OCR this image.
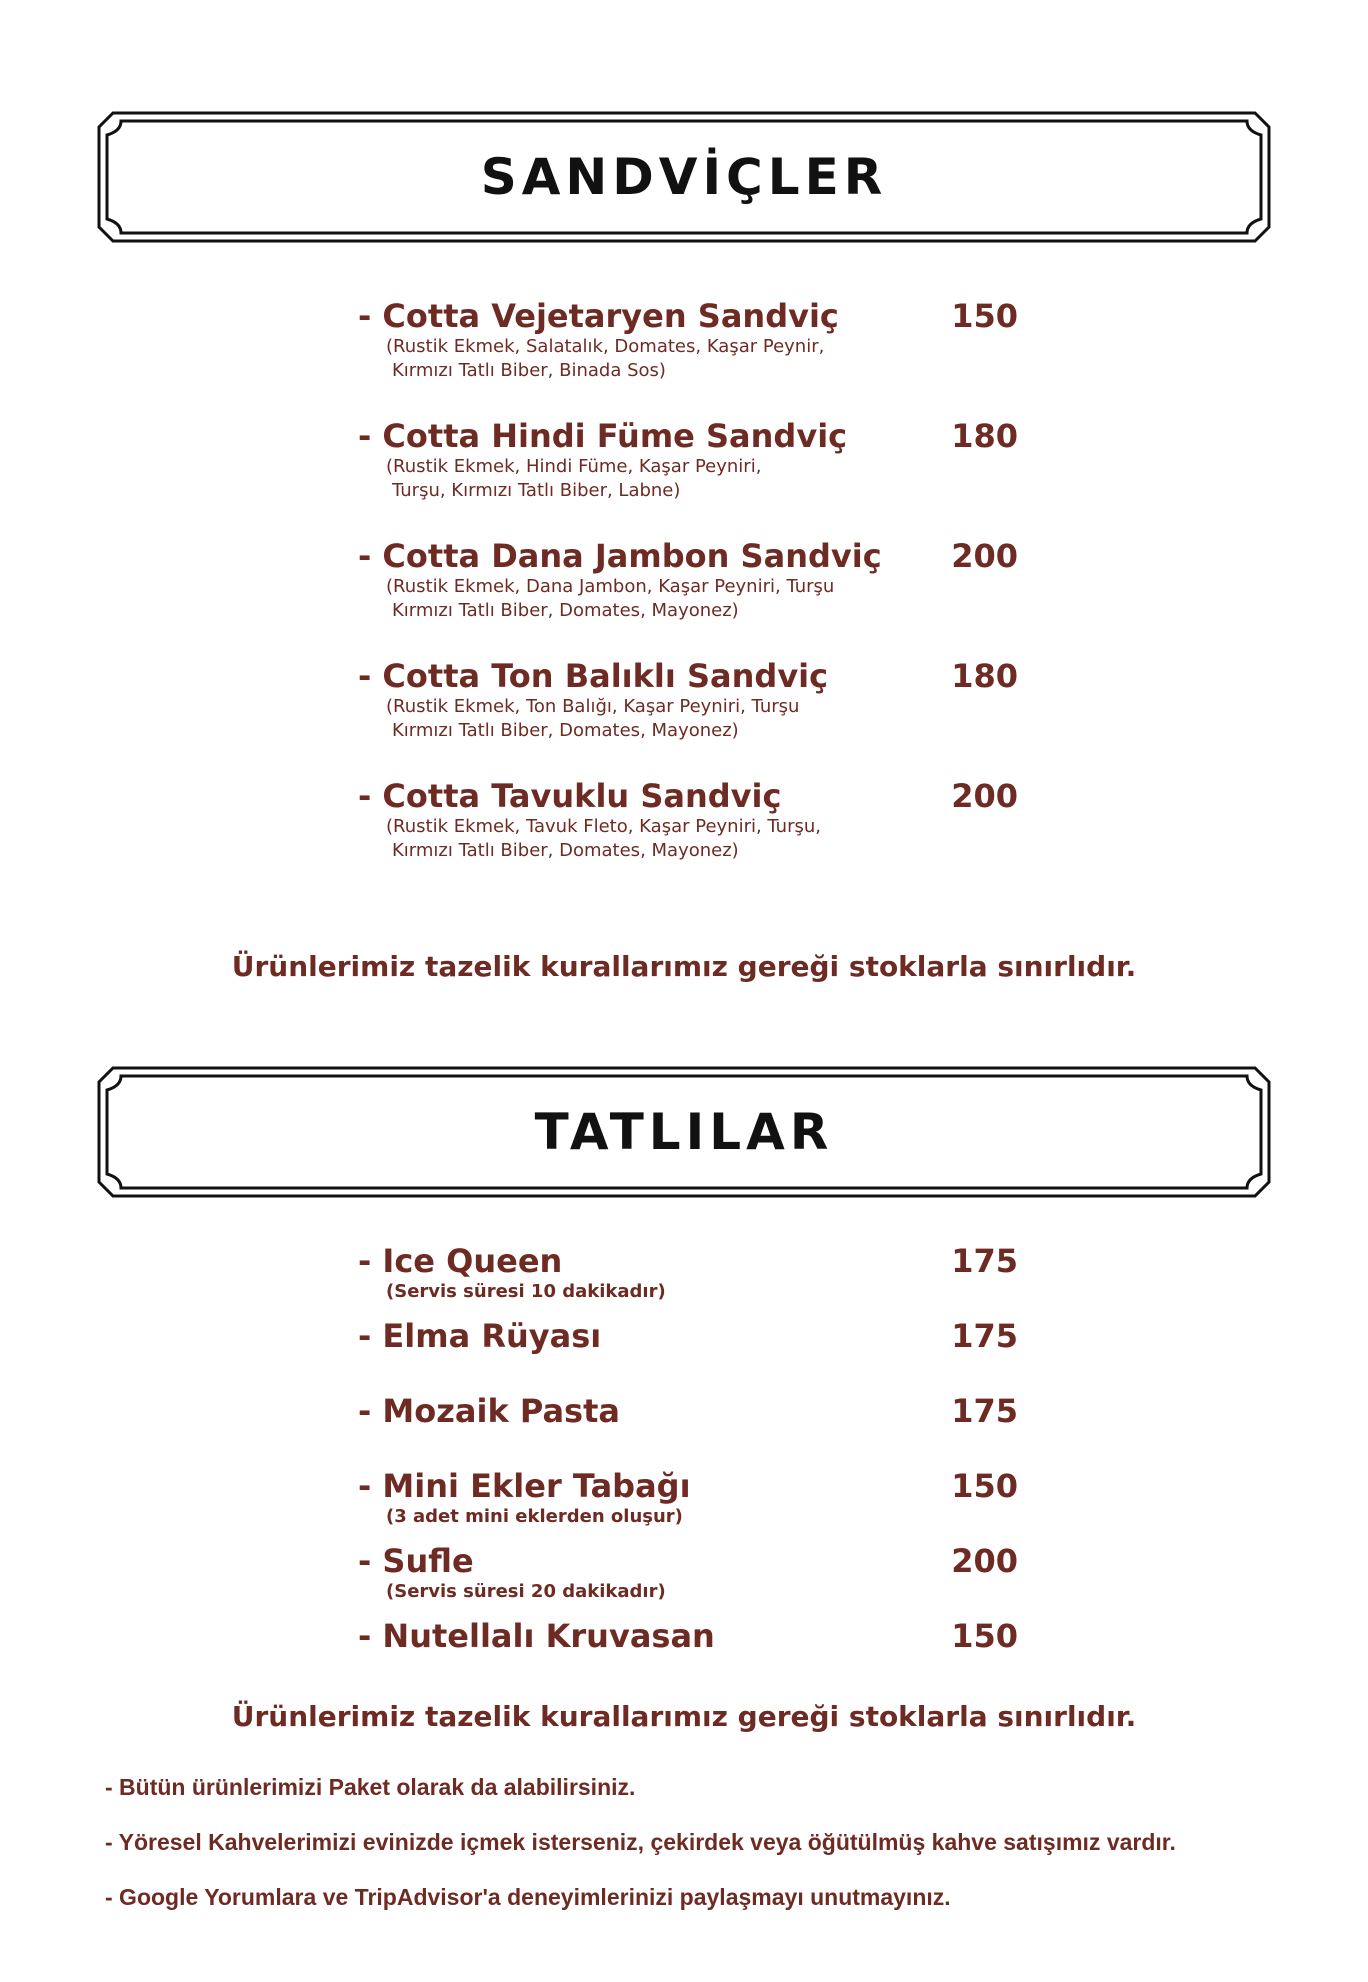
SANDVİÇLER
- Cotta Vejetaryen Sandviç	150
(Rustik Ekmek, Salatalık, Domates, Kaşar Peynir,
Kırmızı Tatlı Biber, Binada Sos)
- Cotta Hindi Füme Sandviç	180
(Rustik Ekmek, Hindi Füme, Kaşar Peyniri,
Turşu, Kırmızı Tatlı Biber, Labne)
- Cotta Dana Jambon Sandviç	200
(Rustik Ekmek, Dana Jambon, Kaşar Peyniri, Turşu
Kırmızı Tatlı Biber, Domates, Mayonez)
- Cotta Ton Balıklı Sandviç	180
(Rustik Ekmek, Ton Balığı, Kaşar Peyniri, Turşu
Kırmızı Tatlı Biber, Domates, Mayonez)
- Cotta Tavuklu Sandviç	200
(Rustik Ekmek, Tavuk Fleto, Kaşar Peyniri, Turşu,
Kırmızı Tatlı Biber, Domates, Mayonez)
Ürünlerimiz tazelik kurallarımız gereği stoklarla sınırlıdır.
TATLILAR
- Ice Queen	175
(Servis süresi 10 dakikadır)
- Elma Rüyası	175
- Mozaik Pasta	175
- Mini Ekler Tabağı	150
(3 adet mini eklerden oluşur)
- Sufle	200
(Servis süresi 20 dakikadır)
- Nutellalı Kruvasan	150
Ürünlerimiz tazelik kurallarımız gereği stoklarla sınırlıdır.
- Bütün ürünlerimizi Paket olarak da alabilirsiniz.
- Yöresel Kahvelerimizi evinizde içmek isterseniz, çekirdek veya öğütülmüş kahve satışımız vardır.
- Google Yorumlara ve TripAdvisor'a deneyimlerinizi paylaşmayı unutmayınız.
